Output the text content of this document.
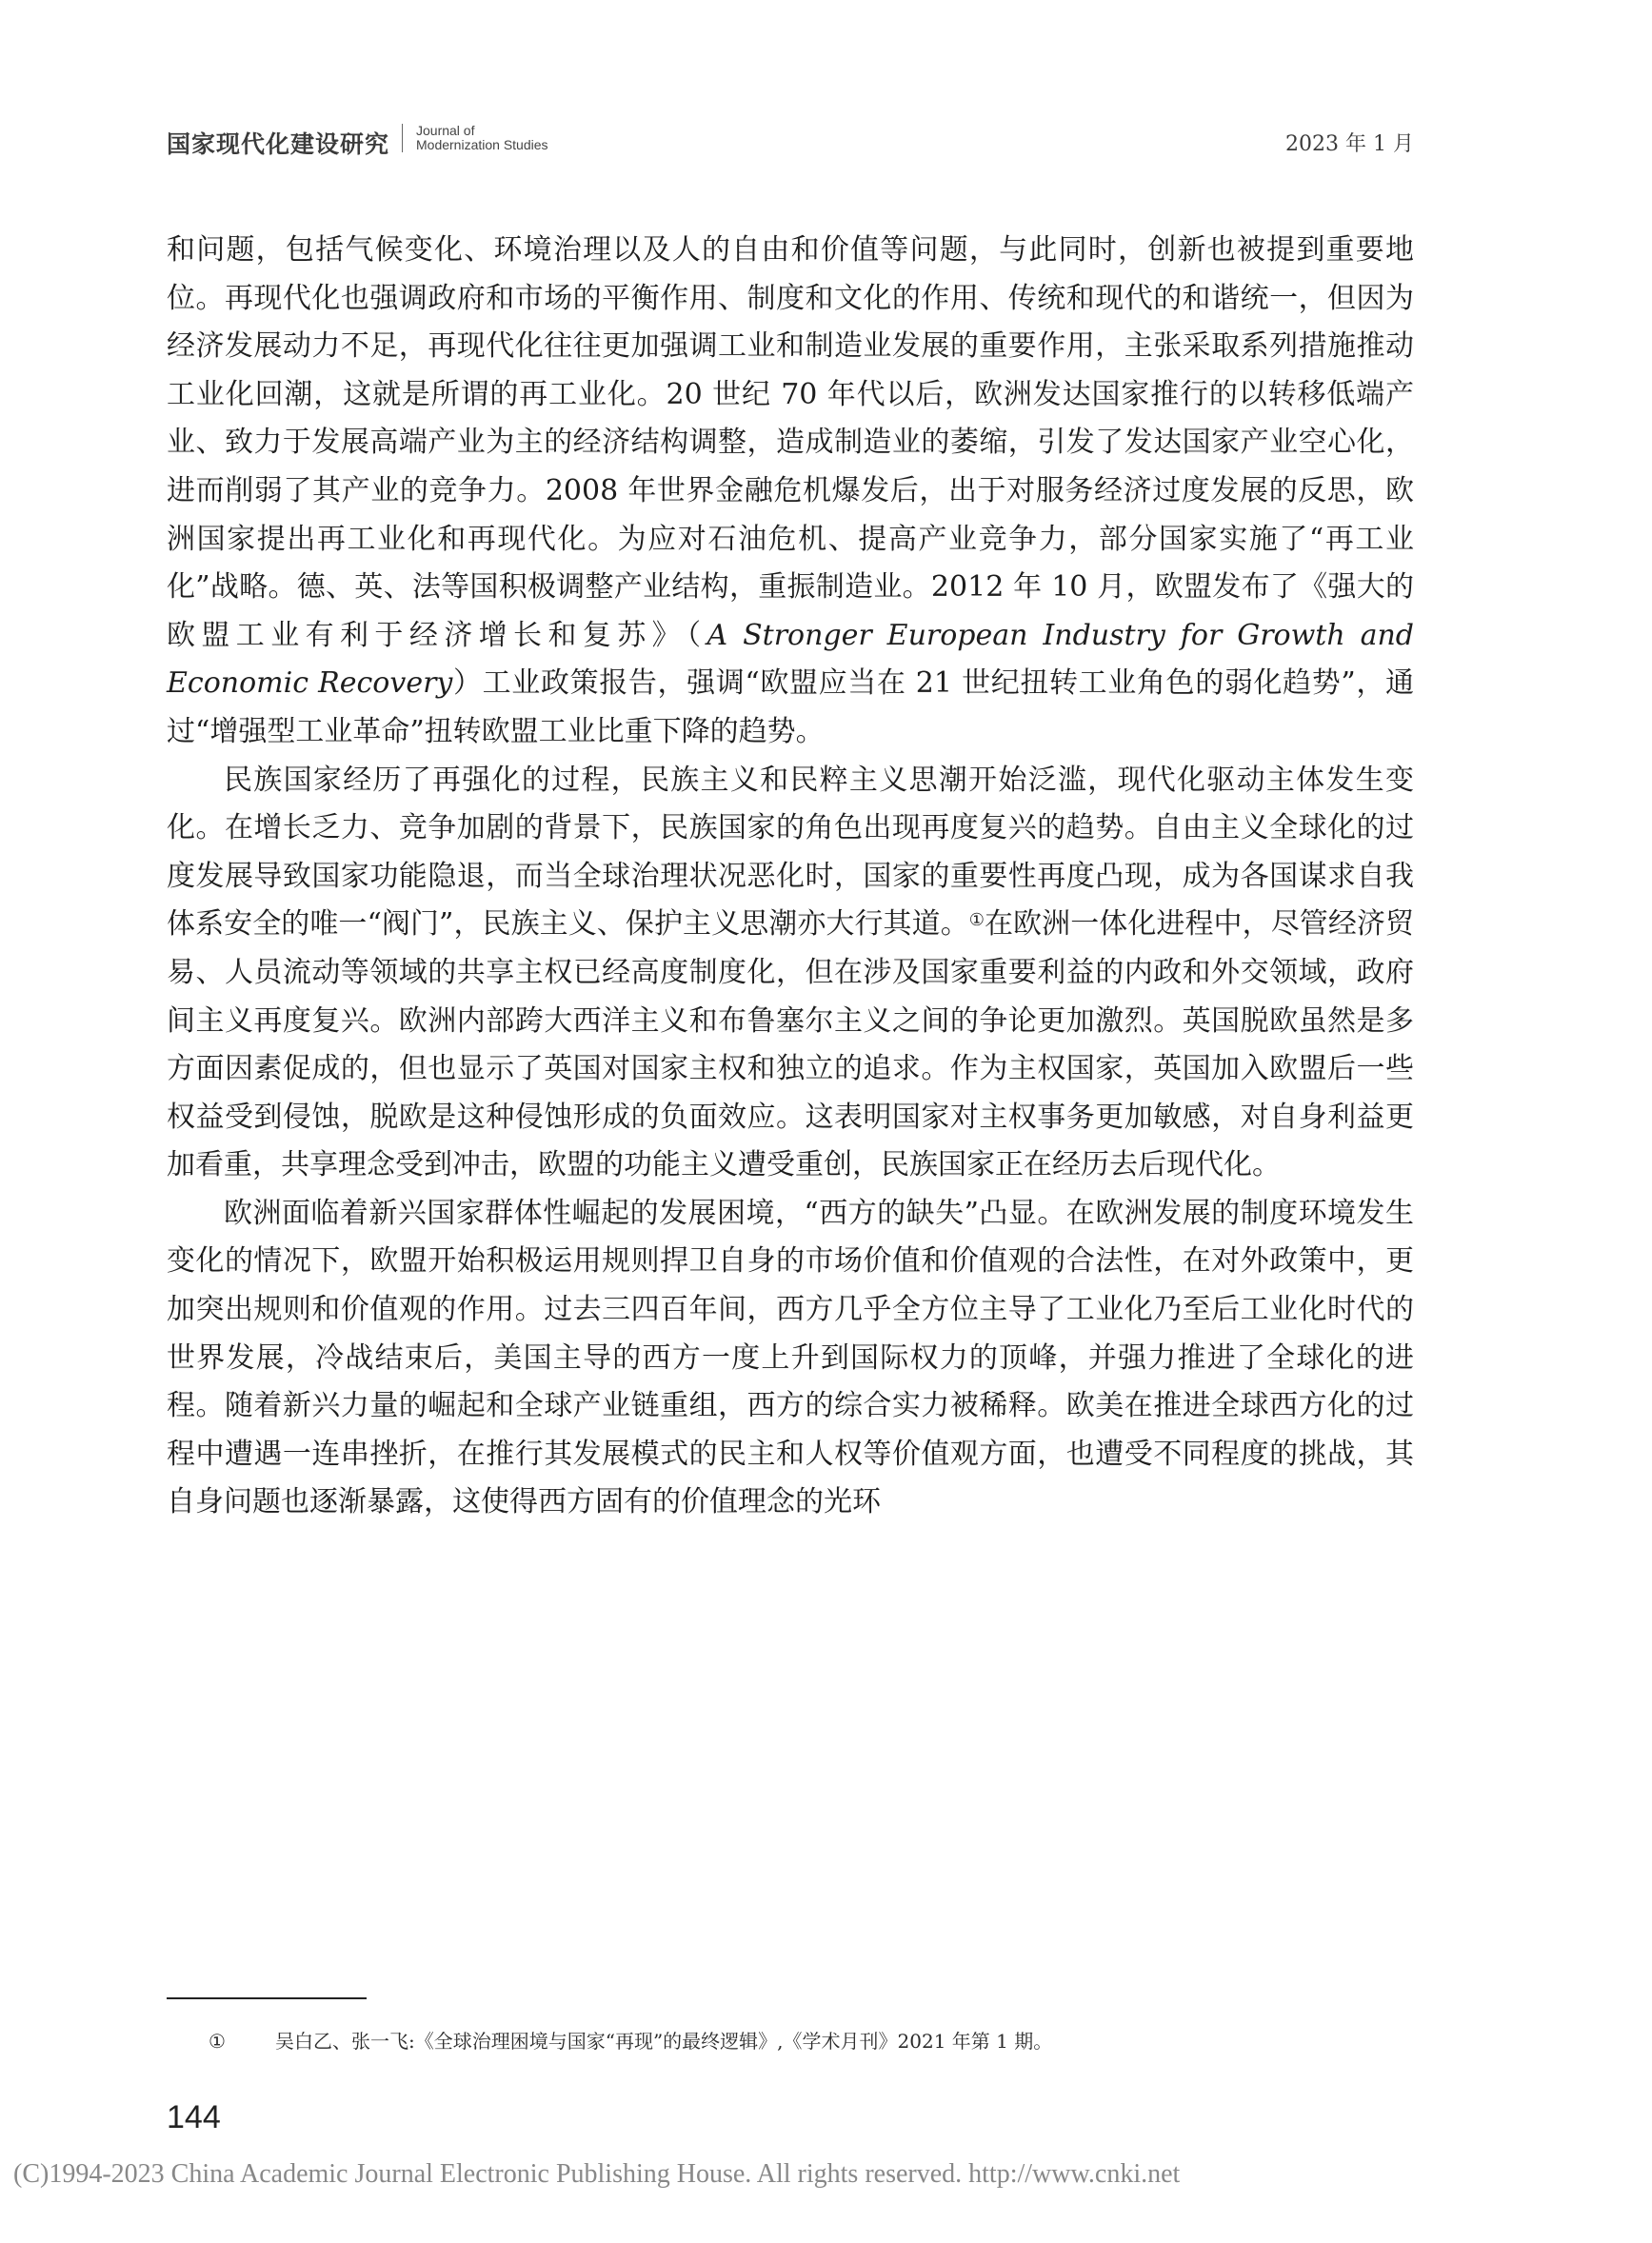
国家现代化建设研究 Journal of
Modernization Studies	2023 年 1 月

和问题，包括气候变化、环境治理以及人的自由和价值等问题，与此同时，创新也被提到重要地位。再现代化也强调政府和市场的平衡作用、制度和文化的作用、传统和现代的和谐统一，但因为经济发展动力不足，再现代化往往更加强调工业和制造业发展的重要作用，主张采取系列措施推动工业化回潮，这就是所谓的再工业化。20 世纪 70 年代以后，欧洲发达国家推行的以转移低端产业、致力于发展高端产业为主的经济结构调整，造成制造业的萎缩，引发了发达国家产业空心化，进而削弱了其产业的竞争力。2008 年世界金融危机爆发后，出于对服务经济过度发展的反思，欧洲国家提出再工业化和再现代化。为应对石油危机、提高产业竞争力，部分国家实施了“再工业化”战略。德、英、法等国积极调整产业结构，重振制造业。2012 年 10 月，欧盟发布了《强大的欧盟工业有利于经济增长和复苏》（A Stronger European Industry for Growth and Economic Recovery）工业政策报告，强调“欧盟应当在 21 世纪扭转工业角色的弱化趋势”，通过“增强型工业革命”扭转欧盟工业比重下降的趋势。

民族国家经历了再强化的过程，民族主义和民粹主义思潮开始泛滥，现代化驱动主体发生变化。在增长乏力、竞争加剧的背景下，民族国家的角色出现再度复兴的趋势。自由主义全球化的过度发展导致国家功能隐退，而当全球治理状况恶化时，国家的重要性再度凸现，成为各国谋求自我体系安全的唯一“阀门”，民族主义、保护主义思潮亦大行其道。①在欧洲一体化进程中，尽管经济贸易、人员流动等领域的共享主权已经高度制度化，但在涉及国家重要利益的内政和外交领域，政府间主义再度复兴。欧洲内部跨大西洋主义和布鲁塞尔主义之间的争论更加激烈。英国脱欧虽然是多方面因素促成的，但也显示了英国对国家主权和独立的追求。作为主权国家，英国加入欧盟后一些权益受到侵蚀，脱欧是这种侵蚀形成的负面效应。这表明国家对主权事务更加敏感，对自身利益更加看重，共享理念受到冲击，欧盟的功能主义遭受重创，民族国家正在经历去后现代化。

欧洲面临着新兴国家群体性崛起的发展困境，“西方的缺失”凸显。在欧洲发展的制度环境发生变化的情况下，欧盟开始积极运用规则捍卫自身的市场价值和价值观的合法性，在对外政策中，更加突出规则和价值观的作用。过去三四百年间，西方几乎全方位主导了工业化乃至后工业化时代的世界发展，冷战结束后，美国主导的西方一度上升到国际权力的顶峰，并强力推进了全球化的进程。随着新兴力量的崛起和全球产业链重组，西方的综合实力被稀释。欧美在推进全球西方化的过程中遭遇一连串挫折，在推行其发展模式的民主和人权等价值观方面，也遭受不同程度的挑战，其自身问题也逐渐暴露，这使得西方固有的价值理念的光环

①	吴白乙、张一飞:《全球治理困境与国家“再现”的最终逻辑》,《学术月刊》2021 年第 1 期。
144
(C)1994-2023 China Academic Journal Electronic Publishing House. All rights reserved. http://www.cnki.net
